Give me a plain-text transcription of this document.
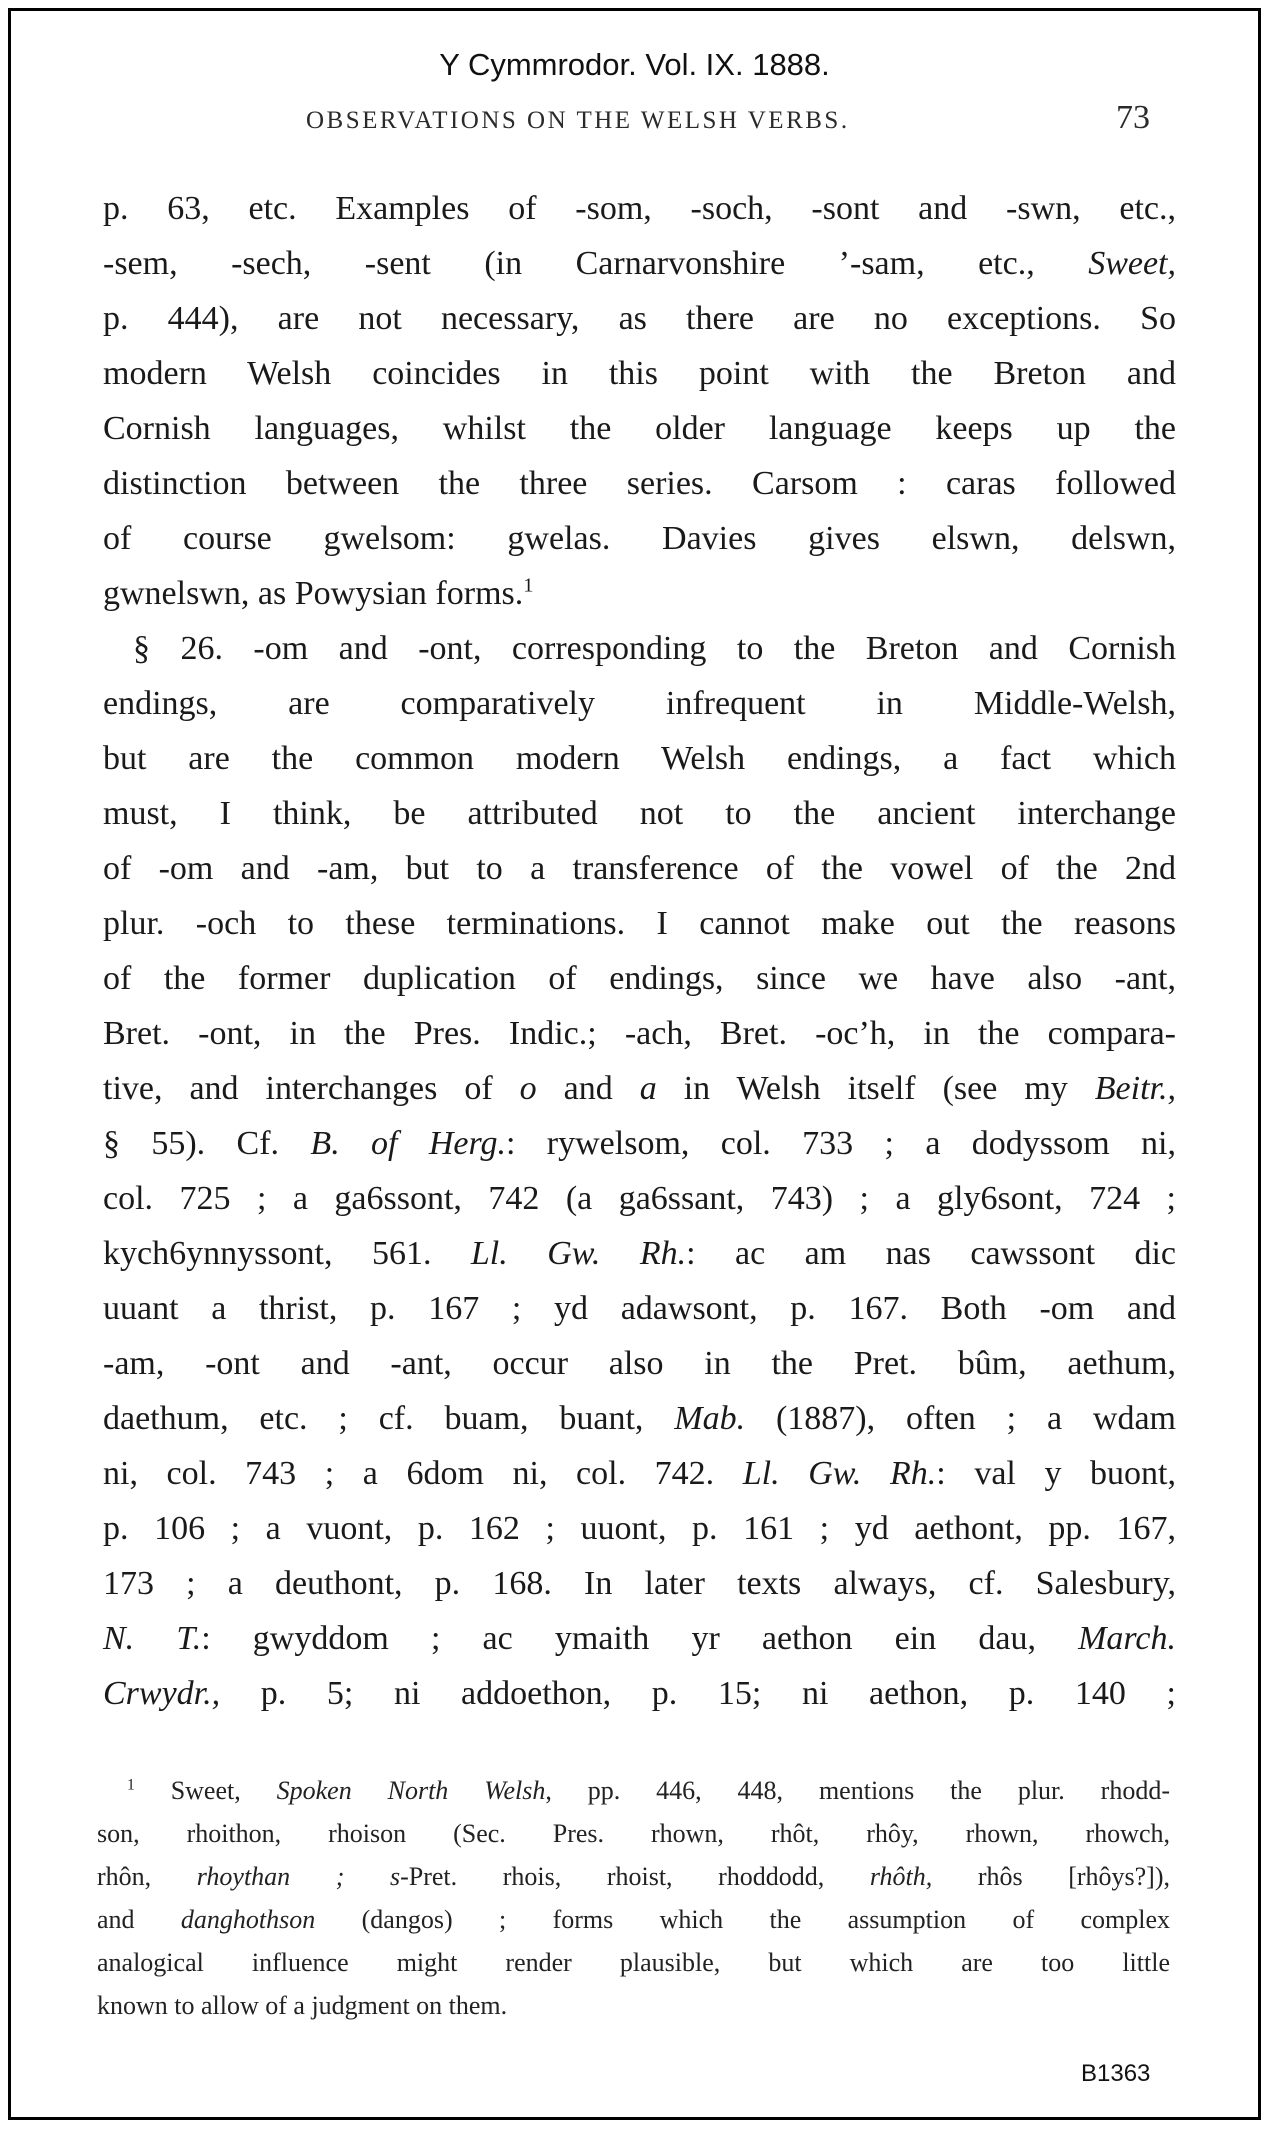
Y Cymmrodor. Vol. IX. 1888.
OBSERVATIONS ON THE WELSH VERBS.	73
p. 63, etc. Examples of -som, -soch, -sont and -swn, etc.,
-sem, -sech, -sent (in Carnarvonshire ’-sam, etc., Sweet,
p. 444), are not necessary, as there are no exceptions. So
modern Welsh coincides in this point with the Breton and
Cornish languages, whilst the older language keeps up the
distinction between the three series. Carsom : caras followed
of course gwelsom: gwelas. Davies gives elswn, delswn,
gwnelswn, as Powysian forms.$^1$
§ 26. -om and -ont, corresponding to the Breton and Cornish
endings, are comparatively infrequent in Middle-Welsh,
but are the common modern Welsh endings, a fact which
must, I think, be attributed not to the ancient interchange
of -om and -am, but to a transference of the vowel of the 2nd
plur. -och to these terminations. I cannot make out the reasons
of the former duplication of endings, since we have also -ant,
Bret. -ont, in the Pres. Indic.; -ach, Bret. -oc’h, in the compara-
tive, and interchanges of o and a in Welsh itself (see my Beitr.,
§ 55). Cf. B. of Herg.: rywelsom, col. 733 ; a dodyssom ni,
col. 725 ; a ga6ssont, 742 (a ga6ssant, 743) ; a gly6sont, 724 ;
kych6ynnyssont, 561. Ll. Gw. Rh.: ac am nas cawssont dic
uuant a thrist, p. 167 ; yd adawsont, p. 167. Both -om and
-am, -ont and -ant, occur also in the Pret. bûm, aethum,
daethum, etc. ; cf. buam, buant, Mab. (1887), often ; a wdam
ni, col. 743 ; a 6dom ni, col. 742. Ll. Gw. Rh.: val y buont,
p. 106 ; a vuont, p. 162 ; uuont, p. 161 ; yd aethont, pp. 167,
173 ; a deuthont, p. 168. In later texts always, cf. Salesbury,
N. T.: gwyddom ; ac ymaith yr aethon ein dau, March.
Crwydr., p. 5; ni addoethon, p. 15; ni aethon, p. 140 ;
$^1$ Sweet, Spoken North Welsh, pp. 446, 448, mentions the plur. rhodd-
son, rhoithon, rhoison (Sec. Pres. rhown, rhôt, rhôy, rhown, rhowch,
rhôn, rhoythan ; s-Pret. rhois, rhoist, rhoddodd, rhôth, rhôs [rhôys?]),
and danghothson (dangos) ; forms which the assumption of complex
analogical influence might render plausible, but which are too little
known to allow of a judgment on them.
B1363
